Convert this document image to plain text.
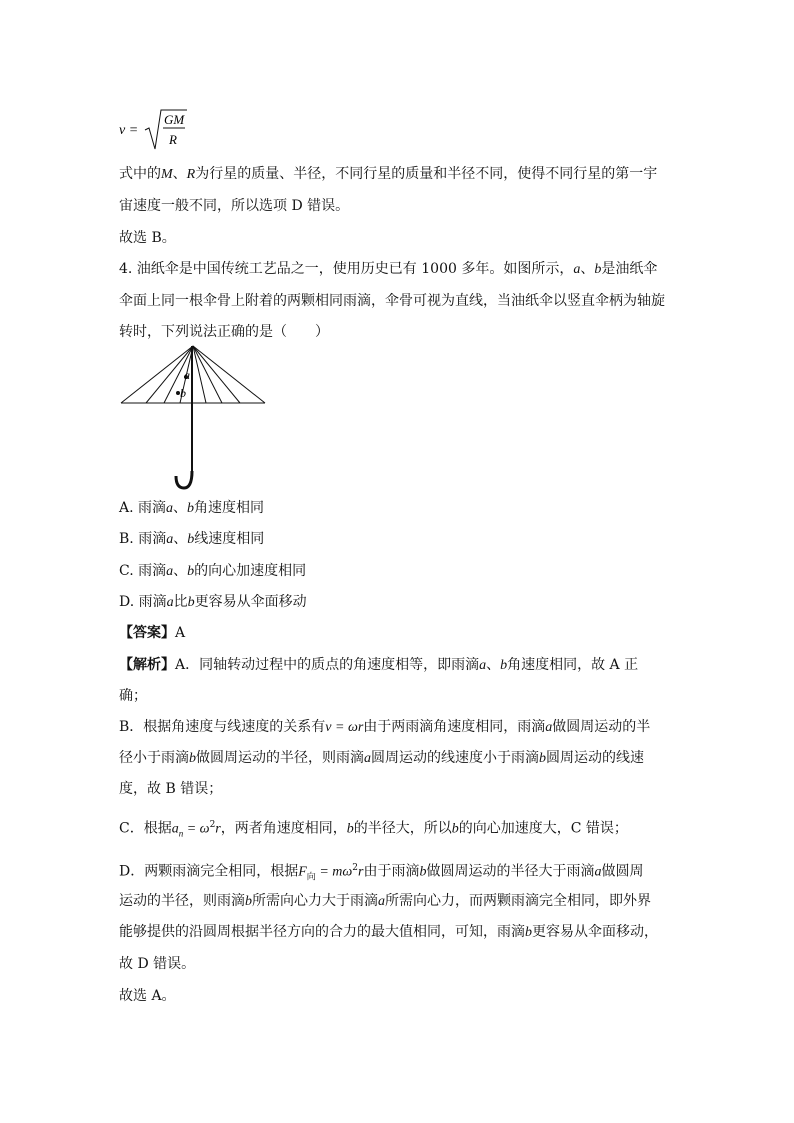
v =
GM
R
式中的M、R为行星的质量、半径，不同行星的质量和半径不同，使得不同行星的第一宇
宙速度一般不同，所以选项 D 错误。
故选 B。
4. 油纸伞是中国传统工艺品之一，使用历史已有 1000 多年。如图所示，a、b是油纸伞
伞面上同一根伞骨上附着的两颗相同雨滴，伞骨可视为直线，当油纸伞以竖直伞柄为轴旋
转时，下列说法正确的是（　　）
a
b
A. 雨滴a、b角速度相同
B. 雨滴a、b线速度相同
C. 雨滴a、b的向心加速度相同
D. 雨滴a比b更容易从伞面移动
【答案】A
【解析】A．同轴转动过程中的质点的角速度相等，即雨滴a、b角速度相同，故 A 正
确；
B．根据角速度与线速度的关系有v = ωr由于两雨滴角速度相同，雨滴a做圆周运动的半
径小于雨滴b做圆周运动的半径，则雨滴a圆周运动的线速度小于雨滴b圆周运动的线速
度，故 B 错误；
C．根据$a_n = \omega^2r$，两者角速度相同，b的半径大，所以b的向心加速度大，C 错误；
D．两颗雨滴完全相同，根据$F_向 = m\omega^2r$由于雨滴b做圆周运动的半径大于雨滴a做圆周
运动的半径，则雨滴b所需向心力大于雨滴a所需向心力，而两颗雨滴完全相同，即外界
能够提供的沿圆周根据半径方向的合力的最大值相同，可知，雨滴b更容易从伞面移动，
故 D 错误。
故选 A。
